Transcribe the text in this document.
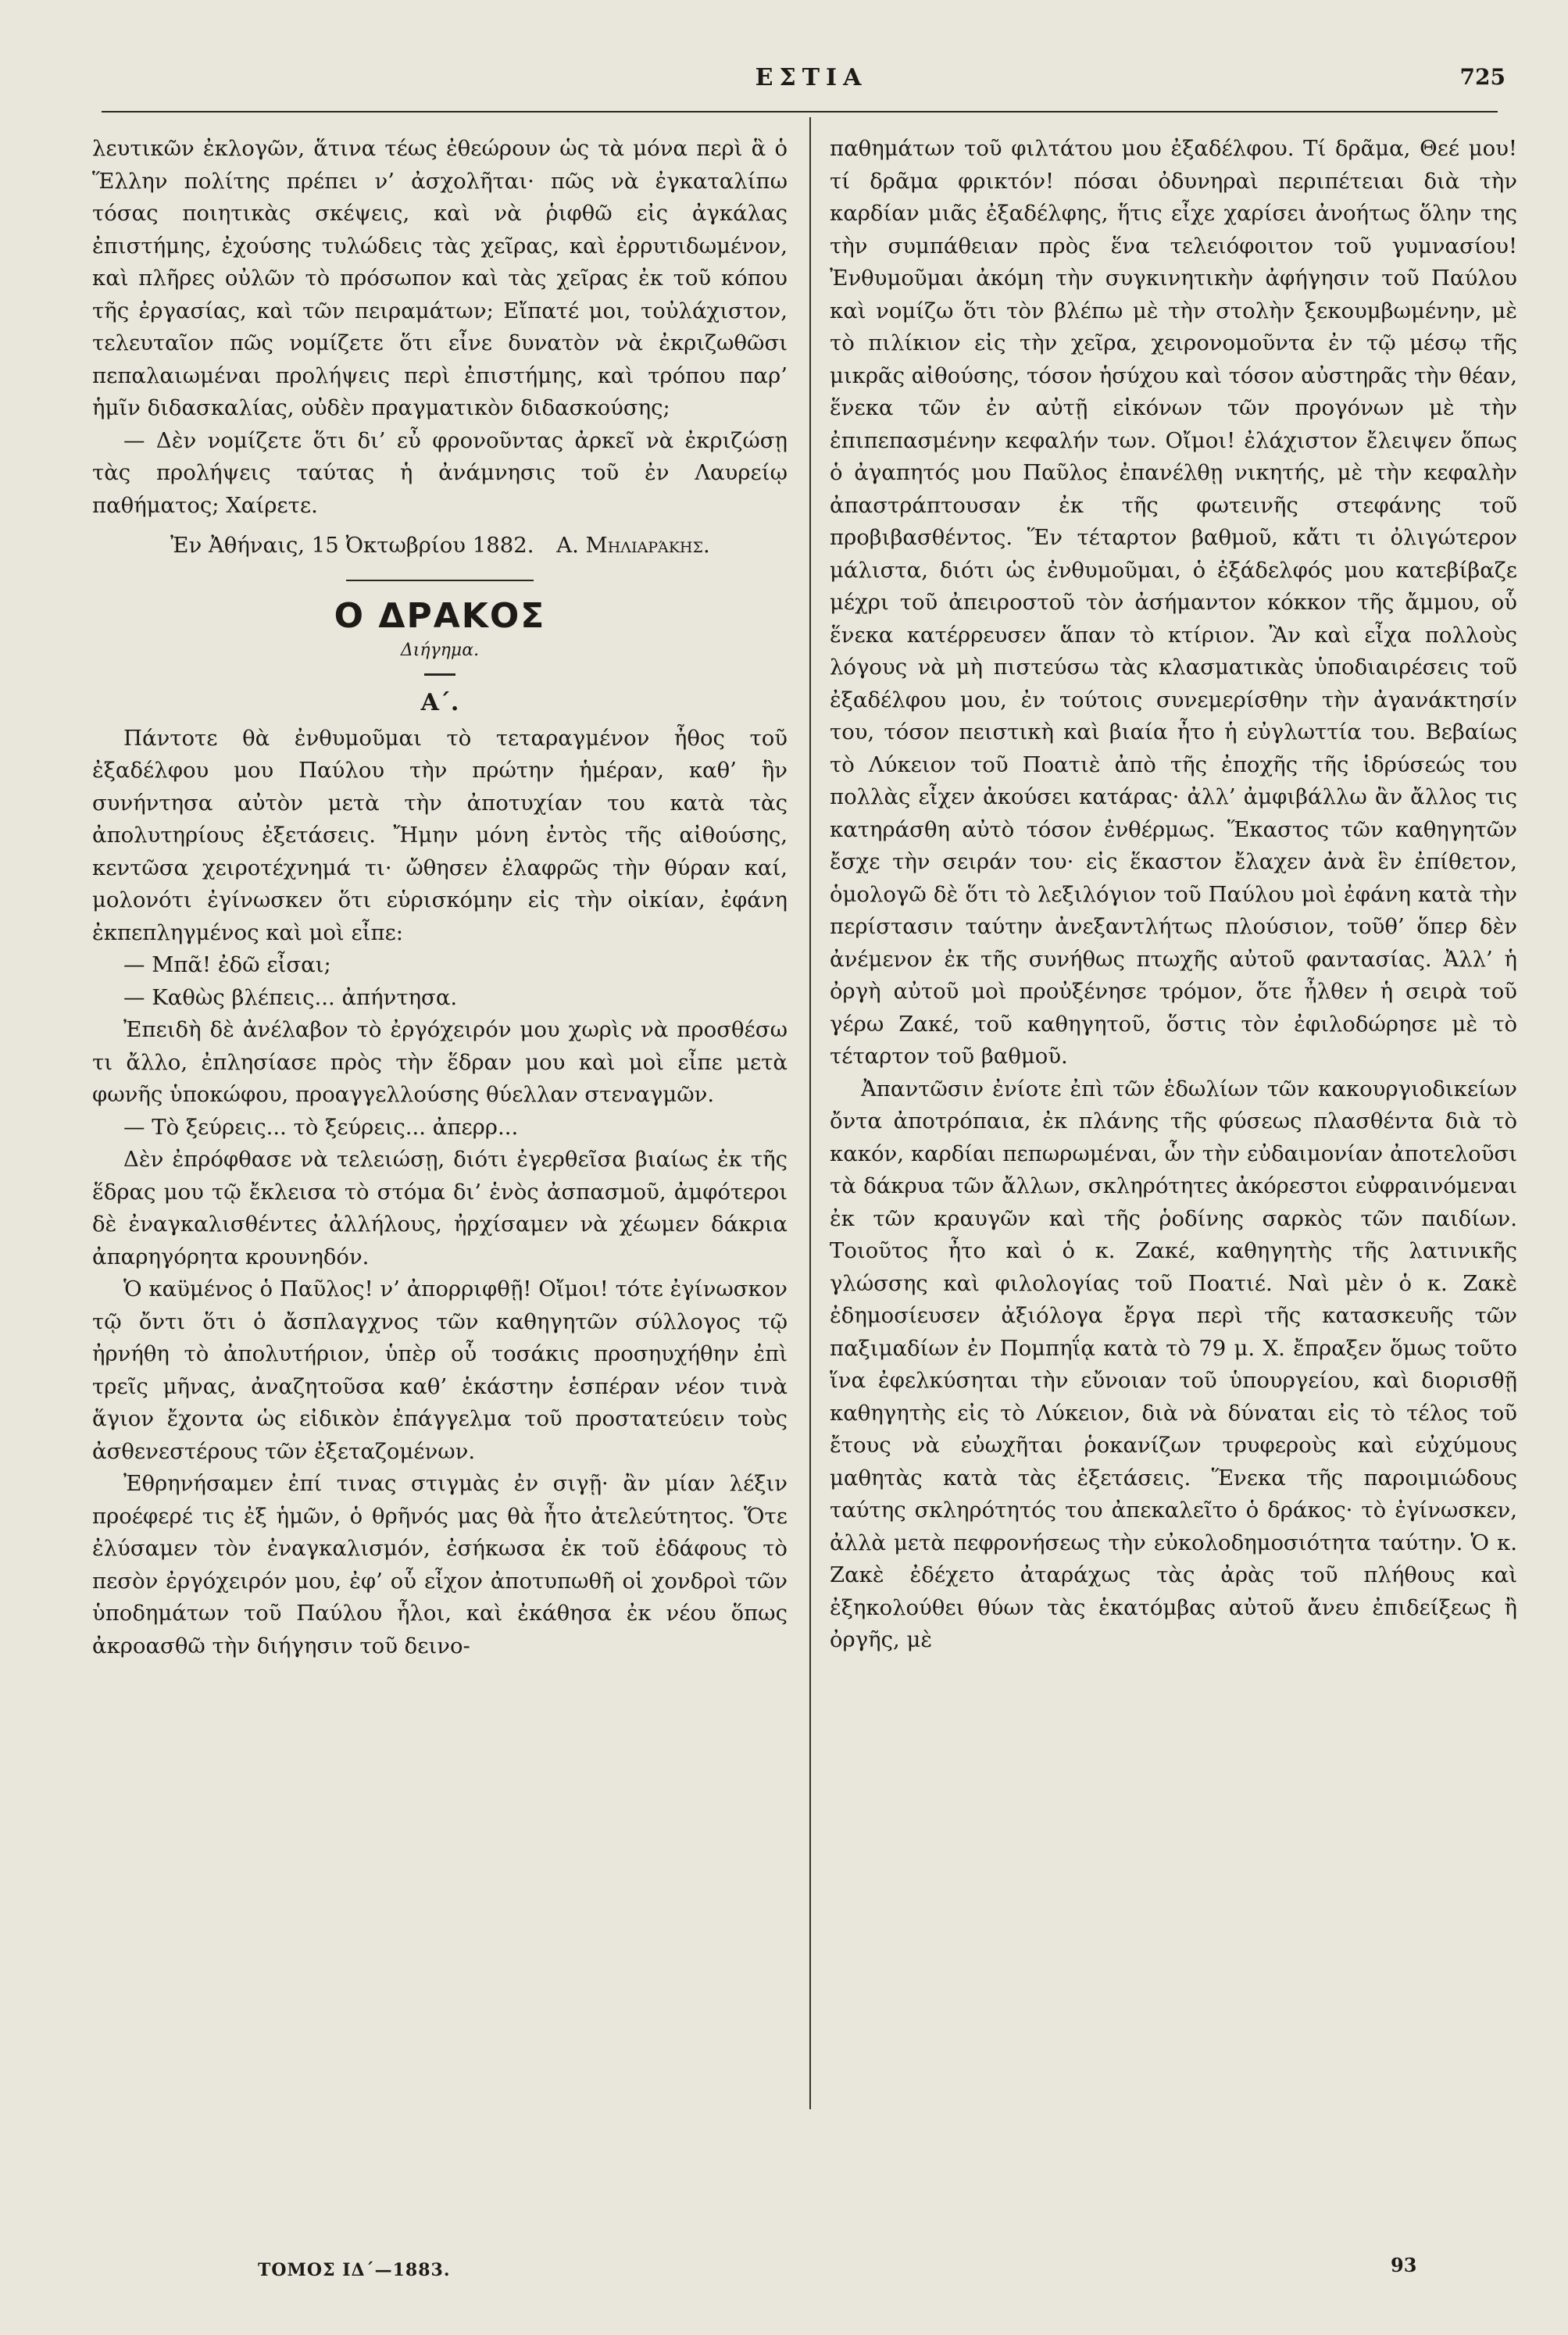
ΕΣΤΙΑ	725

λευτικῶν ἐκλογῶν, ἅτινα τέως ἐθεώρουν ὡς τὰ μόνα περὶ ἃ ὁ Ἕλλην πολίτης πρέπει ν’ ἀσχολῆται· πῶς νὰ ἐγκαταλίπω τόσας ποιητικὰς σκέψεις, καὶ νὰ ῥιφθῶ εἰς ἀγκάλας ἐπιστήμης, ἐχούσης τυλώδεις τὰς χεῖρας, καὶ ἐρρυτιδωμένον, καὶ πλῆρες οὐλῶν τὸ πρόσωπον καὶ τὰς χεῖρας ἐκ τοῦ κόπου τῆς ἐργασίας, καὶ τῶν πειραμάτων; Εἴπατέ μοι, τοὐλάχιστον, τελευταῖον πῶς νομίζετε ὅτι εἶνε δυνατὸν νὰ ἐκριζωθῶσι πεπαλαιωμέναι προλήψεις περὶ ἐπιστήμης, καὶ τρόπου παρ’ ἡμῖν διδασκαλίας, οὐδὲν πραγματικὸν διδασκούσης;

— Δὲν νομίζετε ὅτι δι’ εὖ φρονοῦντας ἀρκεῖ νὰ ἐκριζώσῃ τὰς προλήψεις ταύτας ἡ ἀνάμνησις τοῦ ἐν Λαυρείῳ παθήματος; Χαίρετε.

Ἐν Ἀθήναις, 15 Ὀκτωβρίου 1882. Α. Μηλιαράκης.

Ο ΔΡΑΚΟΣ
Διήγημα.
Α΄.

Πάντοτε θὰ ἐνθυμοῦμαι τὸ τεταραγμένον ἦθος τοῦ ἐξαδέλφου μου Παύλου τὴν πρώτην ἡμέραν, καθ’ ἣν συνήντησα αὐτὸν μετὰ τὴν ἀποτυχίαν του κατὰ τὰς ἀπολυτηρίους ἐξετάσεις. Ἤμην μόνη ἐντὸς τῆς αἰθούσης, κεντῶσα χειροτέχνημά τι· ὤθησεν ἐλαφρῶς τὴν θύραν καί, μολονότι ἐγίνωσκεν ὅτι εὑρισκόμην εἰς τὴν οἰκίαν, ἐφάνη ἐκπεπληγμένος καὶ μοὶ εἶπε:

— Μπᾶ! ἐδῶ εἶσαι;

— Καθὼς βλέπεις... ἀπήντησα.

Ἐπειδὴ δὲ ἀνέλαβον τὸ ἐργόχειρόν μου χωρὶς νὰ προσθέσω τι ἄλλο, ἐπλησίασε πρὸς τὴν ἕδραν μου καὶ μοὶ εἶπε μετὰ φωνῆς ὑποκώφου, προαγγελλούσης θύελλαν στεναγμῶν.

— Τὸ ξεύρεις... τὸ ξεύρεις... ἀπερρ...

Δὲν ἐπρόφθασε νὰ τελειώσῃ, διότι ἐγερθεῖσα βιαίως ἐκ τῆς ἕδρας μου τῷ ἔκλεισα τὸ στόμα δι’ ἑνὸς ἀσπασμοῦ, ἀμφότεροι δὲ ἐναγκαλισθέντες ἀλλήλους, ἠρχίσαμεν νὰ χέωμεν δάκρια ἀπαρηγόρητα κρουνηδόν.

Ὁ καϋμένος ὁ Παῦλος! ν’ ἀπορριφθῇ! Οἴμοι! τότε ἐγίνωσκον τῷ ὄντι ὅτι ὁ ἄσπλαγχνος τῶν καθηγητῶν σύλλογος τῷ ἠρνήθη τὸ ἀπολυτήριον, ὑπὲρ οὗ τοσάκις προσηυχήθην ἐπὶ τρεῖς μῆνας, ἀναζητοῦσα καθ’ ἑκάστην ἑσπέραν νέον τινὰ ἅγιον ἔχοντα ὡς εἰδικὸν ἐπάγγελμα τοῦ προστατεύειν τοὺς ἀσθενεστέρους τῶν ἐξεταζομένων.

Ἐθρηνήσαμεν ἐπί τινας στιγμὰς ἐν σιγῇ· ἂν μίαν λέξιν προέφερέ τις ἐξ ἡμῶν, ὁ θρῆνός μας θὰ ἦτο ἀτελεύτητος. Ὅτε ἐλύσαμεν τὸν ἐναγκαλισμόν, ἐσήκωσα ἐκ τοῦ ἐδάφους τὸ πεσὸν ἐργόχειρόν μου, ἐφ’ οὗ εἶχον ἀποτυπωθῆ οἱ χονδροὶ τῶν ὑποδημάτων τοῦ Παύλου ἧλοι, καὶ ἐκάθησα ἐκ νέου ὅπως ἀκροασθῶ τὴν διήγησιν τοῦ δεινο-

παθημάτων τοῦ φιλτάτου μου ἐξαδέλφου. Τί δρᾶμα, Θεέ μου! τί δρᾶμα φρικτόν! πόσαι ὀδυνηραὶ περιπέτειαι διὰ τὴν καρδίαν μιᾶς ἐξαδέλφης, ἥτις εἶχε χαρίσει ἀνοήτως ὅλην της τὴν συμπάθειαν πρὸς ἕνα τελειόφοιτον τοῦ γυμνασίου! Ἐνθυμοῦμαι ἀκόμη τὴν συγκινητικὴν ἀφήγησιν τοῦ Παύλου καὶ νομίζω ὅτι τὸν βλέπω μὲ τὴν στολὴν ξεκουμβωμένην, μὲ τὸ πιλίκιον εἰς τὴν χεῖρα, χειρονομοῦντα ἐν τῷ μέσῳ τῆς μικρᾶς αἰθούσης, τόσον ἡσύχου καὶ τόσον αὐστηρᾶς τὴν θέαν, ἕνεκα τῶν ἐν αὐτῇ εἰκόνων τῶν προγόνων μὲ τὴν ἐπιπεπασμένην κεφαλήν των. Οἴμοι! ἐλάχιστον ἔλειψεν ὅπως ὁ ἀγαπητός μου Παῦλος ἐπανέλθῃ νικητής, μὲ τὴν κεφαλὴν ἀπαστράπτουσαν ἐκ τῆς φωτεινῆς στεφάνης τοῦ προβιβασθέντος. Ἕν τέταρτον βαθμοῦ, κἄτι τι ὀλιγώτερον μάλιστα, διότι ὡς ἐνθυμοῦμαι, ὁ ἐξάδελφός μου κατεβίβαζε μέχρι τοῦ ἀπειροστοῦ τὸν ἀσήμαντον κόκκον τῆς ἄμμου, οὗ ἕνεκα κατέρρευσεν ἅπαν τὸ κτίριον. Ἂν καὶ εἶχα πολλοὺς λόγους νὰ μὴ πιστεύσω τὰς κλασματικὰς ὑποδιαιρέσεις τοῦ ἐξαδέλφου μου, ἐν τούτοις συνεμερίσθην τὴν ἀγανάκτησίν του, τόσον πειστικὴ καὶ βιαία ἦτο ἡ εὐγλωττία του. Βεβαίως τὸ Λύκειον τοῦ Ποατιὲ ἀπὸ τῆς ἐποχῆς τῆς ἱδρύσεώς του πολλὰς εἶχεν ἀκούσει κατάρας· ἀλλ’ ἀμφιβάλλω ἂν ἄλλος τις κατηράσθη αὐτὸ τόσον ἐνθέρμως. Ἕκαστος τῶν καθηγητῶν ἔσχε τὴν σειράν του· εἰς ἕκαστον ἔλαχεν ἀνὰ ἓν ἐπίθετον, ὁμολογῶ δὲ ὅτι τὸ λεξιλόγιον τοῦ Παύλου μοὶ ἐφάνη κατὰ τὴν περίστασιν ταύτην ἀνεξαντλήτως πλούσιον, τοῦθ’ ὅπερ δὲν ἀνέμενον ἐκ τῆς συνήθως πτωχῆς αὐτοῦ φαντασίας. Ἀλλ’ ἡ ὀργὴ αὐτοῦ μοὶ προὐξένησε τρόμον, ὅτε ἦλθεν ἡ σειρὰ τοῦ γέρω Ζακέ, τοῦ καθηγητοῦ, ὅστις τὸν ἐφιλοδώρησε μὲ τὸ τέταρτον τοῦ βαθμοῦ.

Ἀπαντῶσιν ἐνίοτε ἐπὶ τῶν ἑδωλίων τῶν κακουργιοδικείων ὄντα ἀποτρόπαια, ἐκ πλάνης τῆς φύσεως πλασθέντα διὰ τὸ κακόν, καρδίαι πεπωρωμέναι, ὧν τὴν εὐδαιμονίαν ἀποτελοῦσι τὰ δάκρυα τῶν ἄλλων, σκληρότητες ἀκόρεστοι εὐφραινόμεναι ἐκ τῶν κραυγῶν καὶ τῆς ῥοδίνης σαρκὸς τῶν παιδίων. Τοιοῦτος ἦτο καὶ ὁ κ. Ζακέ, καθηγητὴς τῆς λατινικῆς γλώσσης καὶ φιλολογίας τοῦ Ποατιέ. Ναὶ μὲν ὁ κ. Ζακὲ ἐδημοσίευσεν ἀξιόλογα ἔργα περὶ τῆς κατασκευῆς τῶν παξιμαδίων ἐν Πομπηΐᾳ κατὰ τὸ 79 μ. Χ. ἔπραξεν ὅμως τοῦτο ἵνα ἐφελκύσηται τὴν εὔνοιαν τοῦ ὑπουργείου, καὶ διορισθῇ καθηγητὴς εἰς τὸ Λύκειον, διὰ νὰ δύναται εἰς τὸ τέλος τοῦ ἔτους νὰ εὐωχῆται ῥοκανίζων τρυφεροὺς καὶ εὐχύμους μαθητὰς κατὰ τὰς ἐξετάσεις. Ἕνεκα τῆς παροιμιώδους ταύτης σκληρότητός του ἀπεκαλεῖτο ὁ δράκος· τὸ ἐγίνωσκεν, ἀλλὰ μετὰ πεφρονήσεως τὴν εὐκολοδημοσιότητα ταύτην. Ὁ κ. Ζακὲ ἐδέχετο ἀταράχως τὰς ἀρὰς τοῦ πλήθους καὶ ἐξηκολούθει θύων τὰς ἑκατόμβας αὐτοῦ ἄνευ ἐπιδείξεως ἢ ὀργῆς, μὲ

ΤΟΜΟΣ ΙΔ΄—1883.	93
